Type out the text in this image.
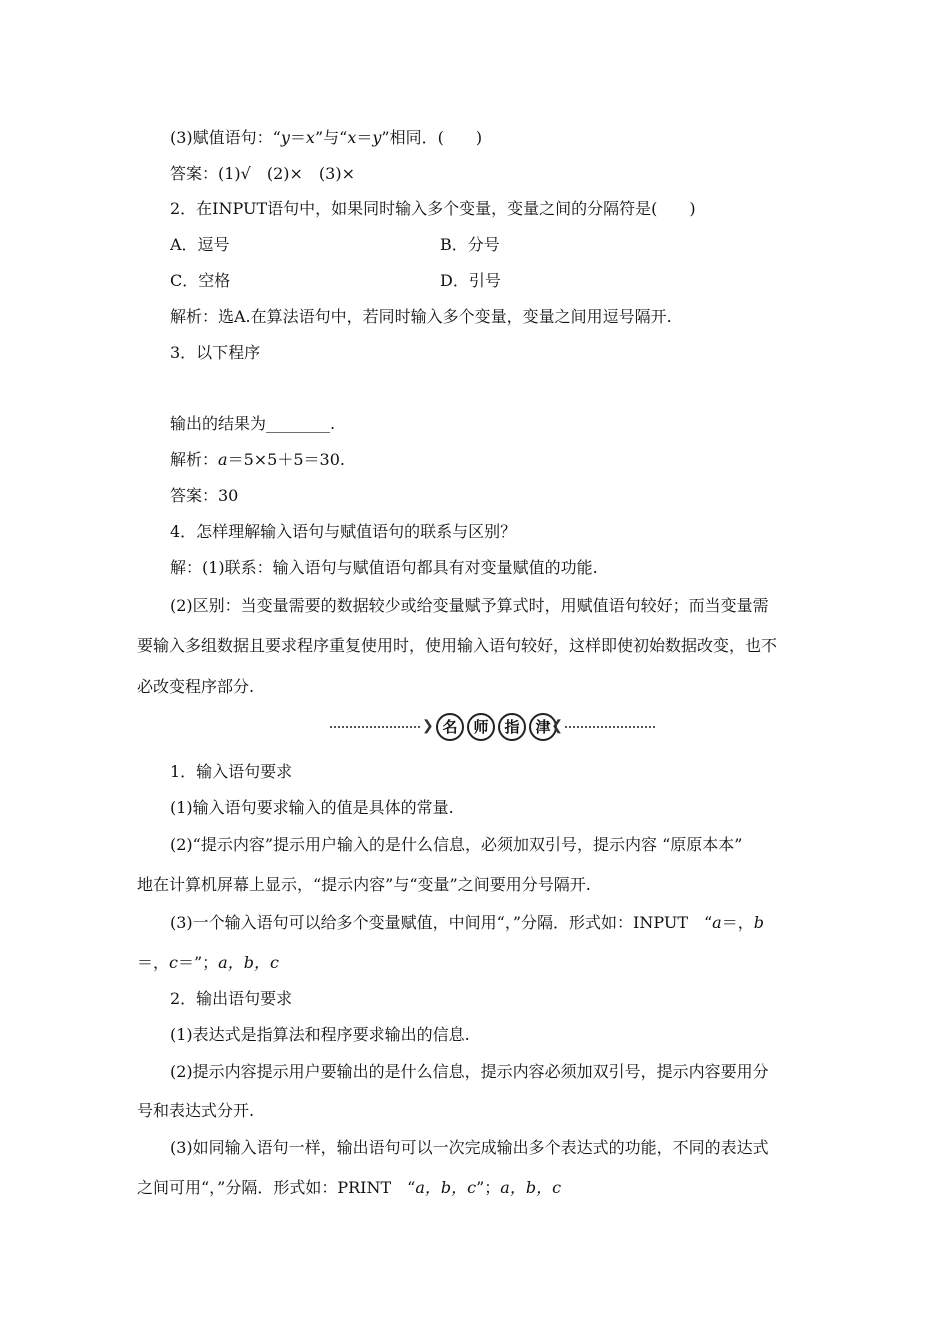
(3)赋值语句：“y＝x”与“x＝y”相同．(　　)
答案：(1)√　(2)×　(3)×
2．在INPUT语句中，如果同时输入多个变量，变量之间的分隔符是(　　)
A．逗号	B．分号
C．空格	D．引号
解析：选A.在算法语句中，若同时输入多个变量，变量之间用逗号隔开.
3．以下程序
输出的结果为________.
解析：a＝5×5＋5＝30.
答案：30
4．怎样理解输入语句与赋值语句的联系与区别？
解：(1)联系：输入语句与赋值语句都具有对变量赋值的功能.
(2)区别：当变量需要的数据较少或给变量赋予算式时，用赋值语句较好；而当变量需
要输入多组数据且要求程序重复使用时，使用输入语句较好，这样即使初始数据改变，也不
必改变程序部分.
❯ 名	师	指	津 ❮
1．输入语句要求
(1)输入语句要求输入的值是具体的常量.
(2)“提示内容”提示用户输入的是什么信息，必须加双引号，提示内容 “原原本本”
地在计算机屏幕上显示，“提示内容”与“变量”之间要用分号隔开.
(3)一个输入语句可以给多个变量赋值，中间用“，”分隔．形式如：INPUT　“a＝，b
＝，c＝”；a，b，c
2．输出语句要求
(1)表达式是指算法和程序要求输出的信息.
(2)提示内容提示用户要输出的是什么信息，提示内容必须加双引号，提示内容要用分
号和表达式分开.
(3)如同输入语句一样，输出语句可以一次完成输出多个表达式的功能，不同的表达式
之间可用“，”分隔．形式如：PRINT　“a，b，c”；a，b，c
